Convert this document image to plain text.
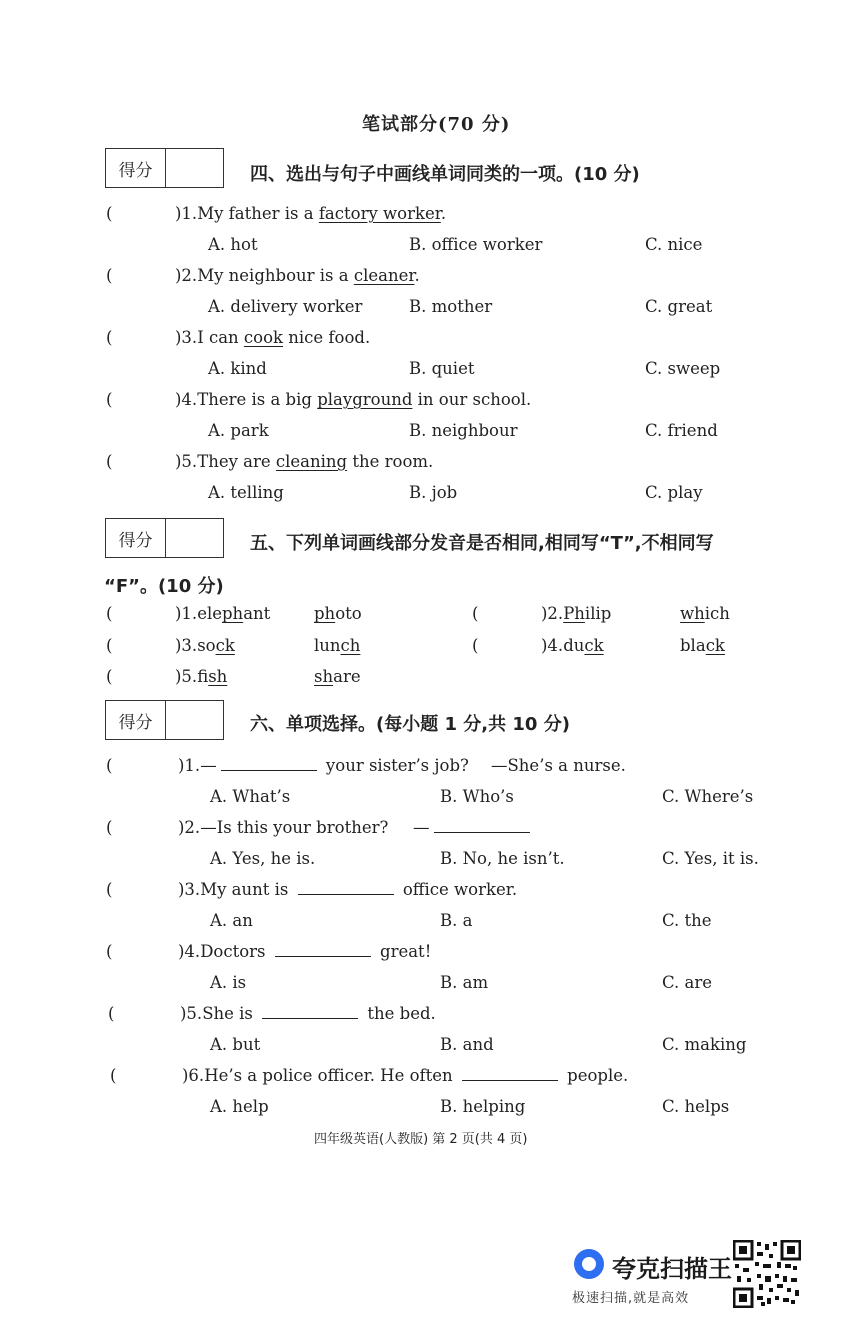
笔试部分(70 分)
得分	四、选出与句子中画线单词同类的一项。(10 分)
(	)1.My father is a factory worker.
A. hot	B. office worker	C. nice
(	)2.My neighbour is a cleaner.
A. delivery worker	B. mother	C. great
(	)3.I can cook nice food.
A. kind	B. quiet	C. sweep
(	)4.There is a big playground in our school.
A. park	B. neighbour	C. friend
(	)5.They are cleaning the room.
A. telling	B. job	C. play
得分	五、下列单词画线部分发音是否相同,相同写“T”,不相同写
“F”。(10 分)
(	)1.elephant	photo	(	)2.Philip	which
(	)3.sock	lunch	(	)4.duck	black
(	)5.fish	share
得分	六、单项选择。(每小题 1 分,共 10 分)
(	)1.—	your sister’s job? —She’s a nurse.
A. What’s	B. Who’s	C. Where’s
(	)2.—Is this your brother? —
A. Yes, he is.	B. No, he isn’t.	C. Yes, it is.
(	)3.My aunt is	office worker.
A. an	B. a	C. the
(	)4.Doctors	great!
A. is	B. am	C. are
(	)5.She is	the bed.
A. but	B. and	C. making
(	)6.He’s a police officer. He often	people.
A. help	B. helping	C. helps
四年级英语(人教版) 第 2 页(共 4 页)
夸克扫描王
极速扫描,就是高效
